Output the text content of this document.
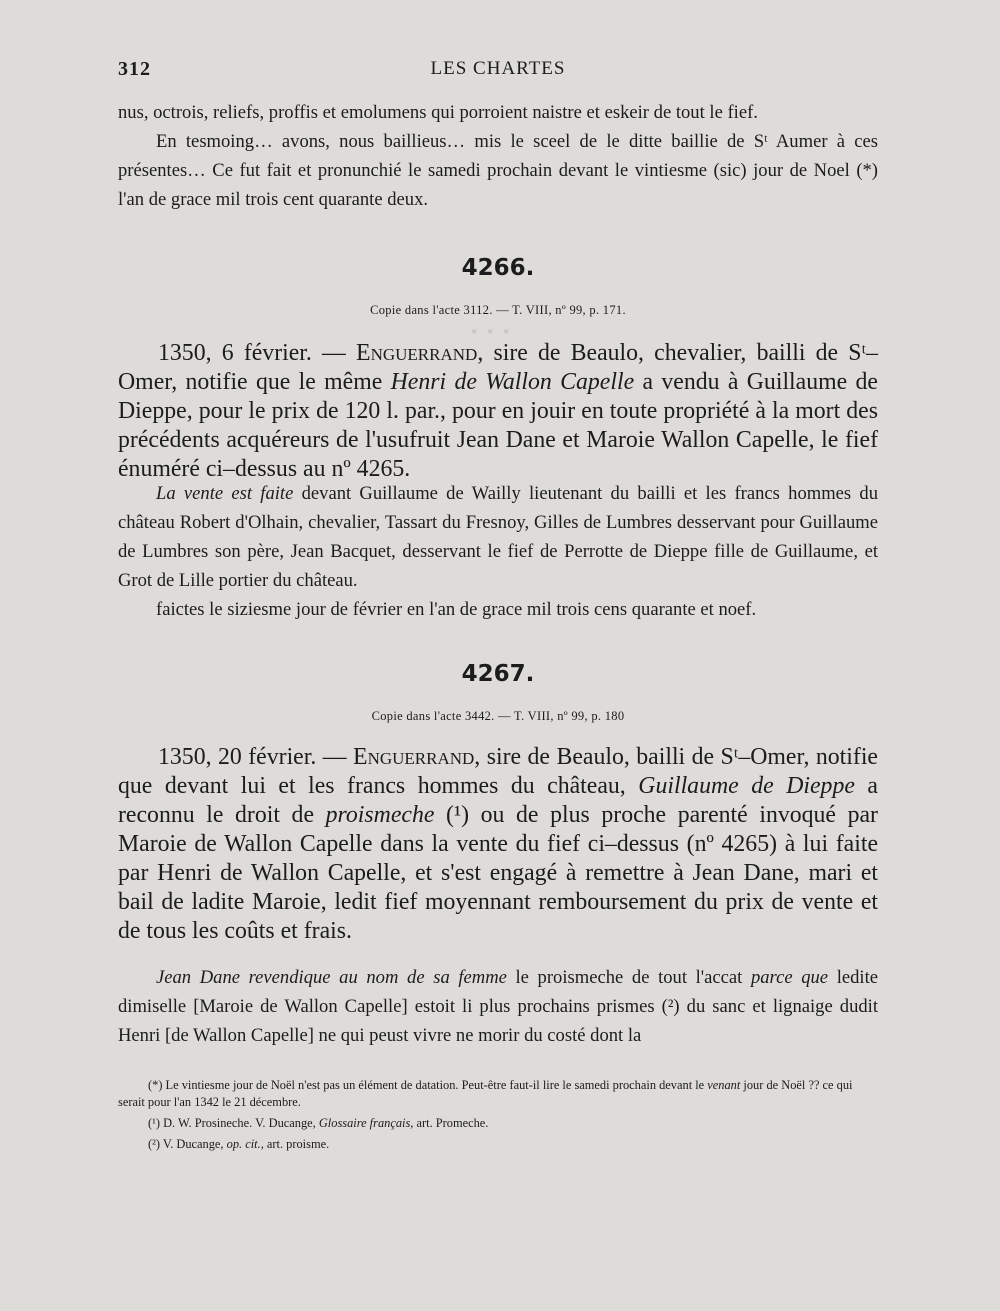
· · ·
312	LES CHARTES

nus, octrois, reliefs, proffis et emolumens qui porroient naistre et eskeir de tout le fief.

En tesmoing… avons, nous baillieus… mis le sceel de le ditte baillie de Sᵗ Aumer à ces présentes… Ce fut fait et pronunchié le samedi prochain devant le vintiesme (sic) jour de Noel (*) l'an de grace mil trois cent quarante deux.

4266.
Copie dans l'acte 3112. — T. VIII, nº 99, p. 171.

1350, 6 février. — Enguerrand, sire de Beaulo, chevalier, bailli de Sᵗ–Omer, notifie que le même Henri de Wallon Capelle a vendu à Guillaume de Dieppe, pour le prix de 120 l. par., pour en jouir en toute propriété à la mort des précédents acquéreurs de l'usufruit Jean Dane et Maroie Wallon Capelle, le fief énuméré ci–dessus au nº 4265.

La vente est faite devant Guillaume de Wailly lieutenant du bailli et les francs hommes du château Robert d'Olhain, chevalier, Tassart du Fresnoy, Gilles de Lumbres desservant pour Guillaume de Lumbres son père, Jean Bacquet, desservant le fief de Perrotte de Dieppe fille de Guillaume, et Grot de Lille portier du château.

faictes le siziesme jour de février en l'an de grace mil trois cens quarante et noef.

4267.
Copie dans l'acte 3442. — T. VIII, nº 99, p. 180

1350, 20 février. — Enguerrand, sire de Beaulo, bailli de Sᵗ–Omer, notifie que devant lui et les francs hommes du château, Guillaume de Dieppe a reconnu le droit de proismeche (¹) ou de plus proche parenté invoqué par Maroie de Wallon Capelle dans la vente du fief ci–dessus (nº 4265) à lui faite par Henri de Wallon Capelle, et s'est engagé à remettre à Jean Dane, mari et bail de ladite Maroie, ledit fief moyennant remboursement du prix de vente et de tous les coûts et frais.

Jean Dane revendique au nom de sa femme le proismeche de tout l'accat parce que ledite dimiselle [Maroie de Wallon Capelle] estoit li plus prochains prismes (²) du sanc et lignaige dudit Henri [de Wallon Capelle] ne qui peust vivre ne morir du costé dont la

(*) Le vintiesme jour de Noël n'est pas un élément de datation. Peut-être faut-il lire le samedi prochain devant le venant jour de Noël ?? ce qui serait pour l'an 1342 le 21 décembre.

(¹) D. W. Prosineche. V. Ducange, Glossaire français, art. Promeche.

(²) V. Ducange, op. cit., art. proisme.
